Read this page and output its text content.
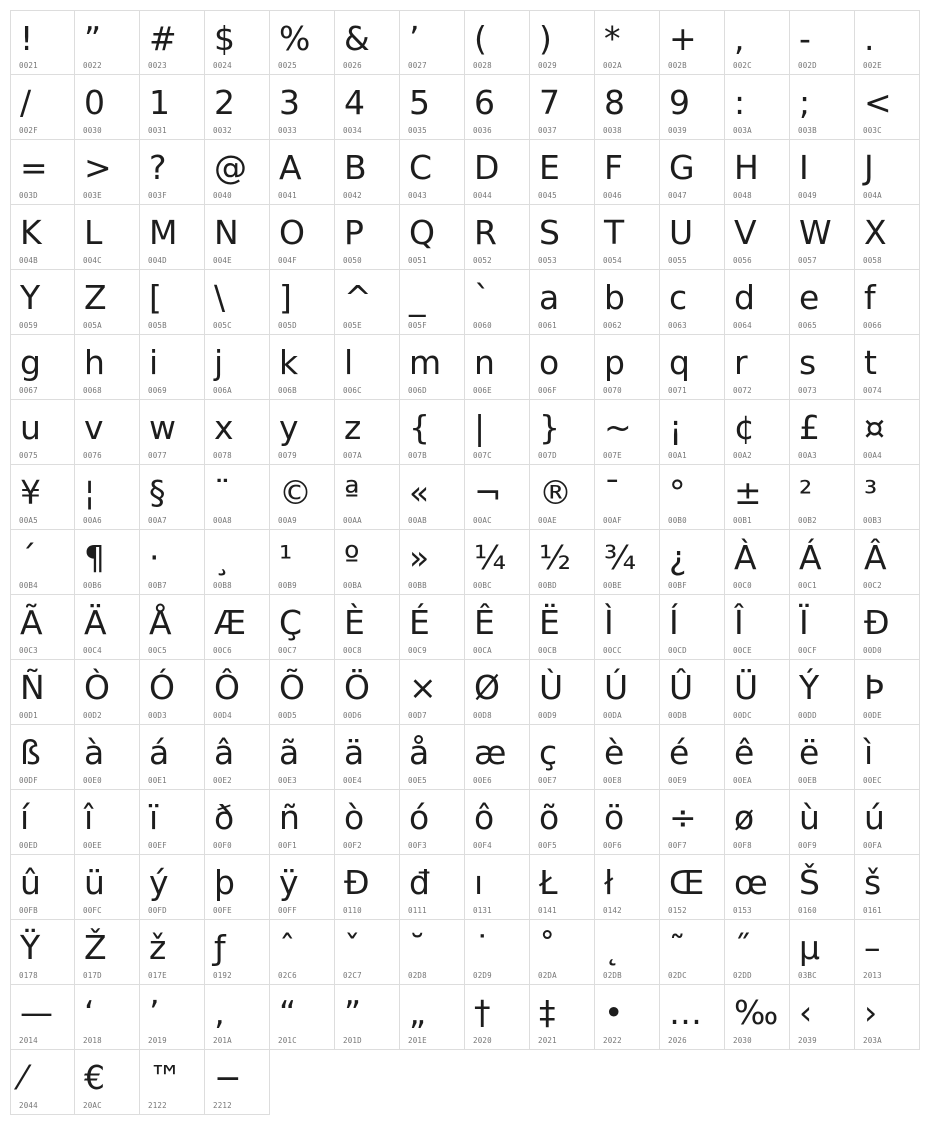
!
0021
”
0022
#
0023
$
0024
%
0025
&
0026
’
0027
(
0028
)
0029
*
002A
+
002B
,
002C
-
002D
.
002E
/
002F
0
0030
1
0031
2
0032
3
0033
4
0034
5
0035
6
0036
7
0037
8
0038
9
0039
:
003A
;
003B
<
003C
=
003D
>
003E
?
003F
@
0040
A
0041
B
0042
C
0043
D
0044
E
0045
F
0046
G
0047
H
0048
I
0049
J
004A
K
004B
L
004C
M
004D
N
004E
O
004F
P
0050
Q
0051
R
0052
S
0053
T
0054
U
0055
V
0056
W
0057
X
0058
Y
0059
Z
005A
[
005B
\
005C
]
005D
^
005E
_
005F
`
0060
a
0061
b
0062
c
0063
d
0064
e
0065
f
0066
g
0067
h
0068
i
0069
j
006A
k
006B
l
006C
m
006D
n
006E
o
006F
p
0070
q
0071
r
0072
s
0073
t
0074
u
0075
v
0076
w
0077
x
0078
y
0079
z
007A
{
007B
|
007C
}
007D
~
007E
¡
00A1
¢
00A2
£
00A3
¤
00A4
¥
00A5
¦
00A6
§
00A7
¨
00A8
©
00A9
ª
00AA
«
00AB
¬
00AC
®
00AE
¯
00AF
°
00B0
±
00B1
²
00B2
³
00B3
´
00B4
¶
00B6
·
00B7
¸
00B8
¹
00B9
º
00BA
»
00BB
¼
00BC
½
00BD
¾
00BE
¿
00BF
À
00C0
Á
00C1
Â
00C2
Ã
00C3
Ä
00C4
Å
00C5
Æ
00C6
Ç
00C7
È
00C8
É
00C9
Ê
00CA
Ë
00CB
Ì
00CC
Í
00CD
Î
00CE
Ï
00CF
Ð
00D0
Ñ
00D1
Ò
00D2
Ó
00D3
Ô
00D4
Õ
00D5
Ö
00D6
×
00D7
Ø
00D8
Ù
00D9
Ú
00DA
Û
00DB
Ü
00DC
Ý
00DD
Þ
00DE
ß
00DF
à
00E0
á
00E1
â
00E2
ã
00E3
ä
00E4
å
00E5
æ
00E6
ç
00E7
è
00E8
é
00E9
ê
00EA
ë
00EB
ì
00EC
í
00ED
î
00EE
ï
00EF
ð
00F0
ñ
00F1
ò
00F2
ó
00F3
ô
00F4
õ
00F5
ö
00F6
÷
00F7
ø
00F8
ù
00F9
ú
00FA
û
00FB
ü
00FC
ý
00FD
þ
00FE
ÿ
00FF
Đ
0110
đ
0111
ı
0131
Ł
0141
ł
0142
Œ
0152
œ
0153
Š
0160
š
0161
Ÿ
0178
Ž
017D
ž
017E
ƒ
0192
ˆ
02C6
ˇ
02C7
˘
02D8
˙
02D9
˚
02DA
˛
02DB
˜
02DC
˝
02DD
μ
03BC
–
2013
—
2014
‘
2018
’
2019
‚
201A
“
201C
”
201D
„
201E
†
2020
‡
2021
•
2022
…
2026
‰
2030
‹
2039
›
203A
⁄
2044
€
20AC
™
2122
−
2212
